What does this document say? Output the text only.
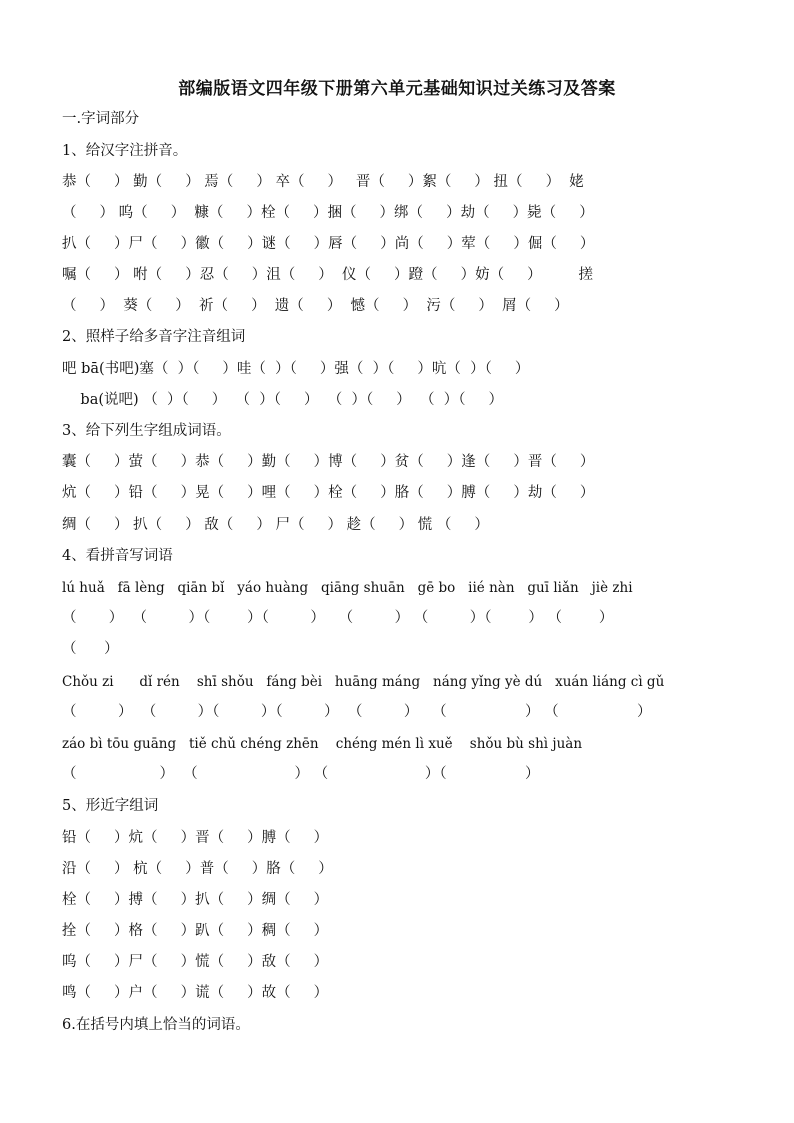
部编版语文四年级下册第六单元基础知识过关练习及答案
一.字词部分
1、给汉字注拼音。
恭（     ） 勤（     ） 焉（     ） 卒（     ）   晋（     ）絮（     ） 扭（     ）  姥
（     ） 呜（     ）  糠（     ）栓（     ）捆（     ）绑（     ）劫（     ）毙（     ）
扒（     ）尸（     ）徽（     ）谜（     ）唇（     ）尚（     ）荤（     ）倔（     ）
嘱（     ） 咐（     ）忍（     ）沮（     ）  仪（     ）蹬（     ）妨（     ）        搓
（     ）  葵（     ）  祈（     ）  遗（     ）  憾（     ）  污（     ）  屑（     ）
2、照样子给多音字注音组词
吧 bā(书吧)塞（  ）（     ）哇（  ）（     ）强（  ）（     ）吭（  ）（     ）
ba(说吧) （  ）（     ）  （  ）（     ）  （  ）（     ）  （  ）（     ）
3、给下列生字组成词语。
囊（     ）萤（     ）恭（     ）勤（     ）博（     ）贫（     ）逢（     ）晋（     ）
炕（     ）铅（     ）晃（     ）哩（     ）栓（     ）胳（     ）膊（     ）劫（     ）
绸（     ） 扒（     ） 敌（     ） 尸（     ） 趁（     ） 慌 （     ）
4、看拼音写词语
lú huǎ   fā lèng   qiān bǐ   yáo huàng   qiāng shuān   gē bo   iié nàn   guī liǎn   jiè zhi
（       ）  （         ）（        ）（         ）   （         ） （         ）（        ） （        ）
（      ）
Chǒu zi      dǐ rén    shī shǒu   fáng bèi   huāng máng   náng yǐng yè dú   xuán liáng cì gǔ
（         ）  （         ）（         ）（         ）  （         ）   （                 ） （                 ）
záo bì tōu guāng   tiě chǔ chéng zhēn    chéng mén lì xuě    shǒu bù shì juàn
（                  ）  （                     ） （                     ）（                 ）
5、形近字组词
铅（     ）炕（     ）晋（     ）膊（     ）
沿（     ） 杭（     ）普（     ）胳（     ）
栓（     ）搏（     ）扒（     ）绸（     ）
拴（     ）格（     ）趴（     ）稠（     ）
呜（     ）尸（     ）慌（     ）敌（     ）
鸣（     ）户（     ）谎（     ）故（     ）
6.在括号内填上恰当的词语。
